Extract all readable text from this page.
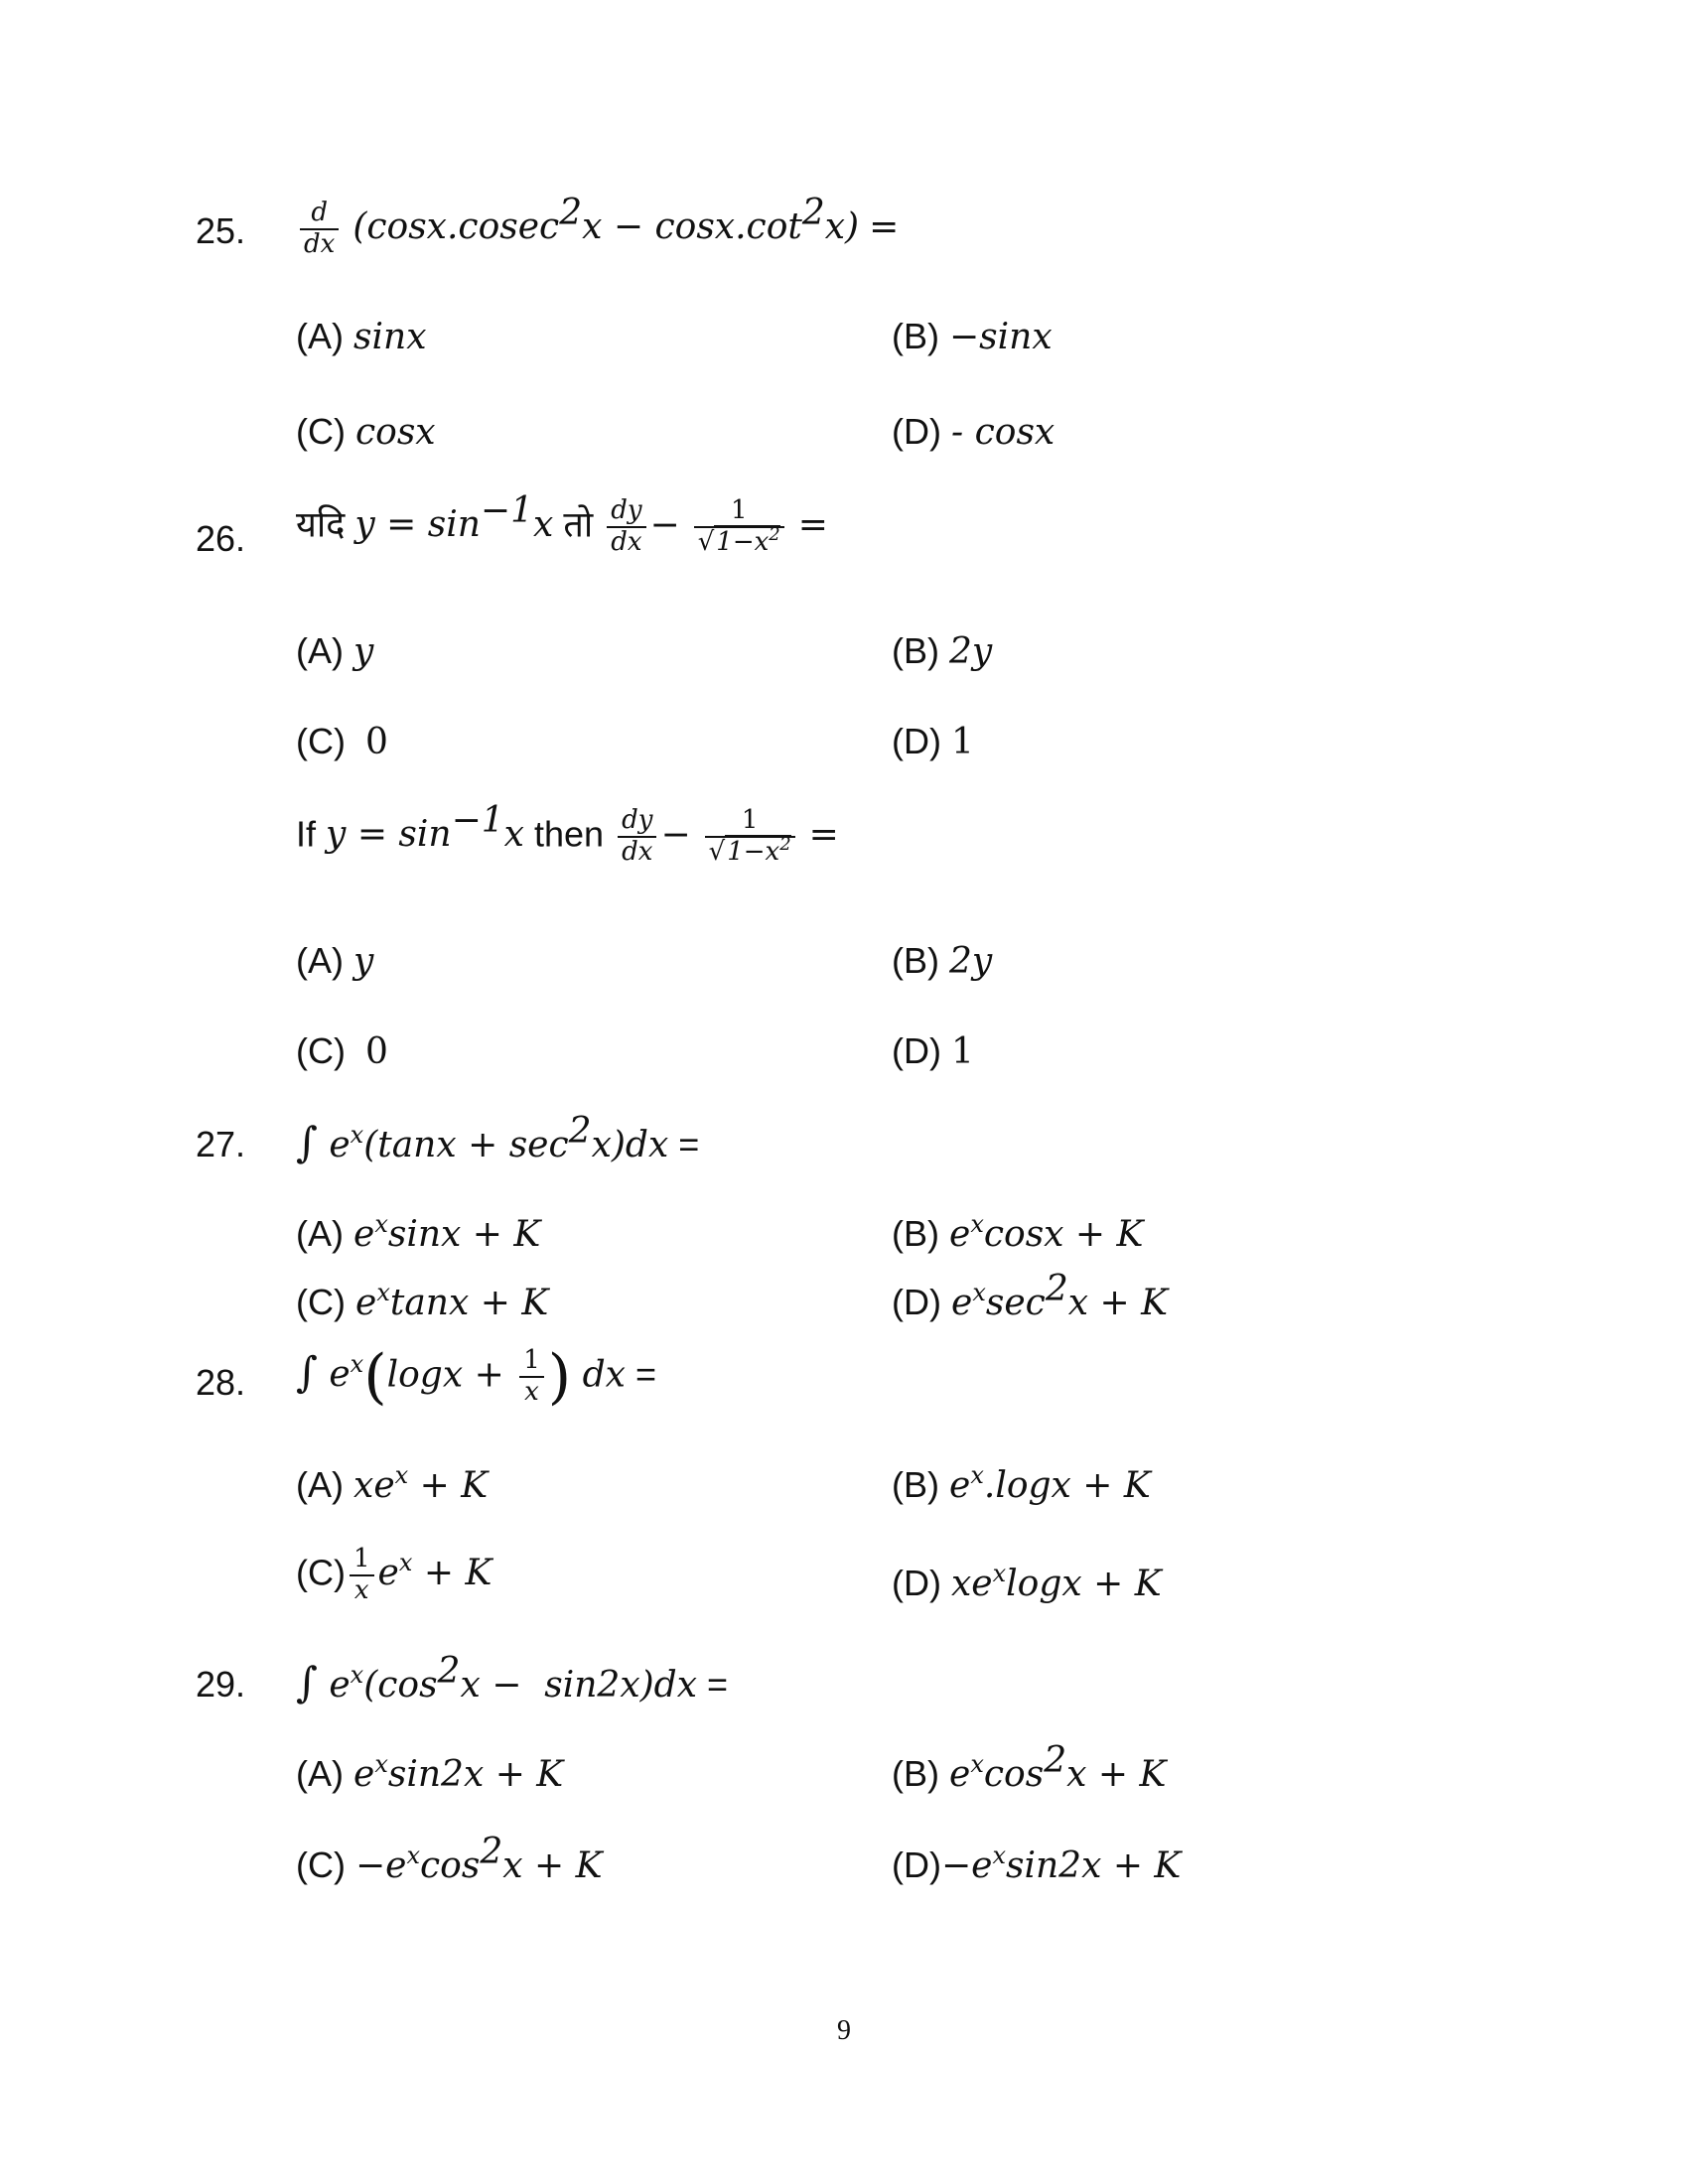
25. $\frac{d}{dx} (\cos x.cosec^2x - \cos x.\cot^2x)$ =
(A) sinx	(B) −sinx
(C) cosx	(D) - cosx
26. यदि $y = \sin^{-1}x$ तो $\frac{dy}{dx} - \frac{1}{√1-x^2}$ =
(A) y	(B) 2y
(C) 0	(D) 1
If $y = \sin^{-1}x$ then $\frac{dy}{dx} - \frac{1}{√1-x^2}$ =
(A) y	(B) 2y
(C) 0	(D) 1
27. ∫ $e^x(\tan x + \sec^2x)dx$ =
(A) $e^x\sin x + K$	(B) $e^x\cos x + K$
(C) $e^x\tan x + K$	(D) $e^x\sec^2x + K$
28. ∫ $e^x(\log x + \frac{1}{x}$ ) dx =
(A) $xe^x + K$	(B) $e^x.\log x + K$
$(C) \frac{1}{x} e^x + K$	(D) $xe^x\log x + K$
29. ∫ $e^x(\cos^2x - \sin 2x)dx$ =
(A) $e^x\sin 2x + K$	(B) $e^x\cos^2x + K$
$(C) -e^x\cos^2x + K$	$(D)-e^x\sin 2x + K$
9
